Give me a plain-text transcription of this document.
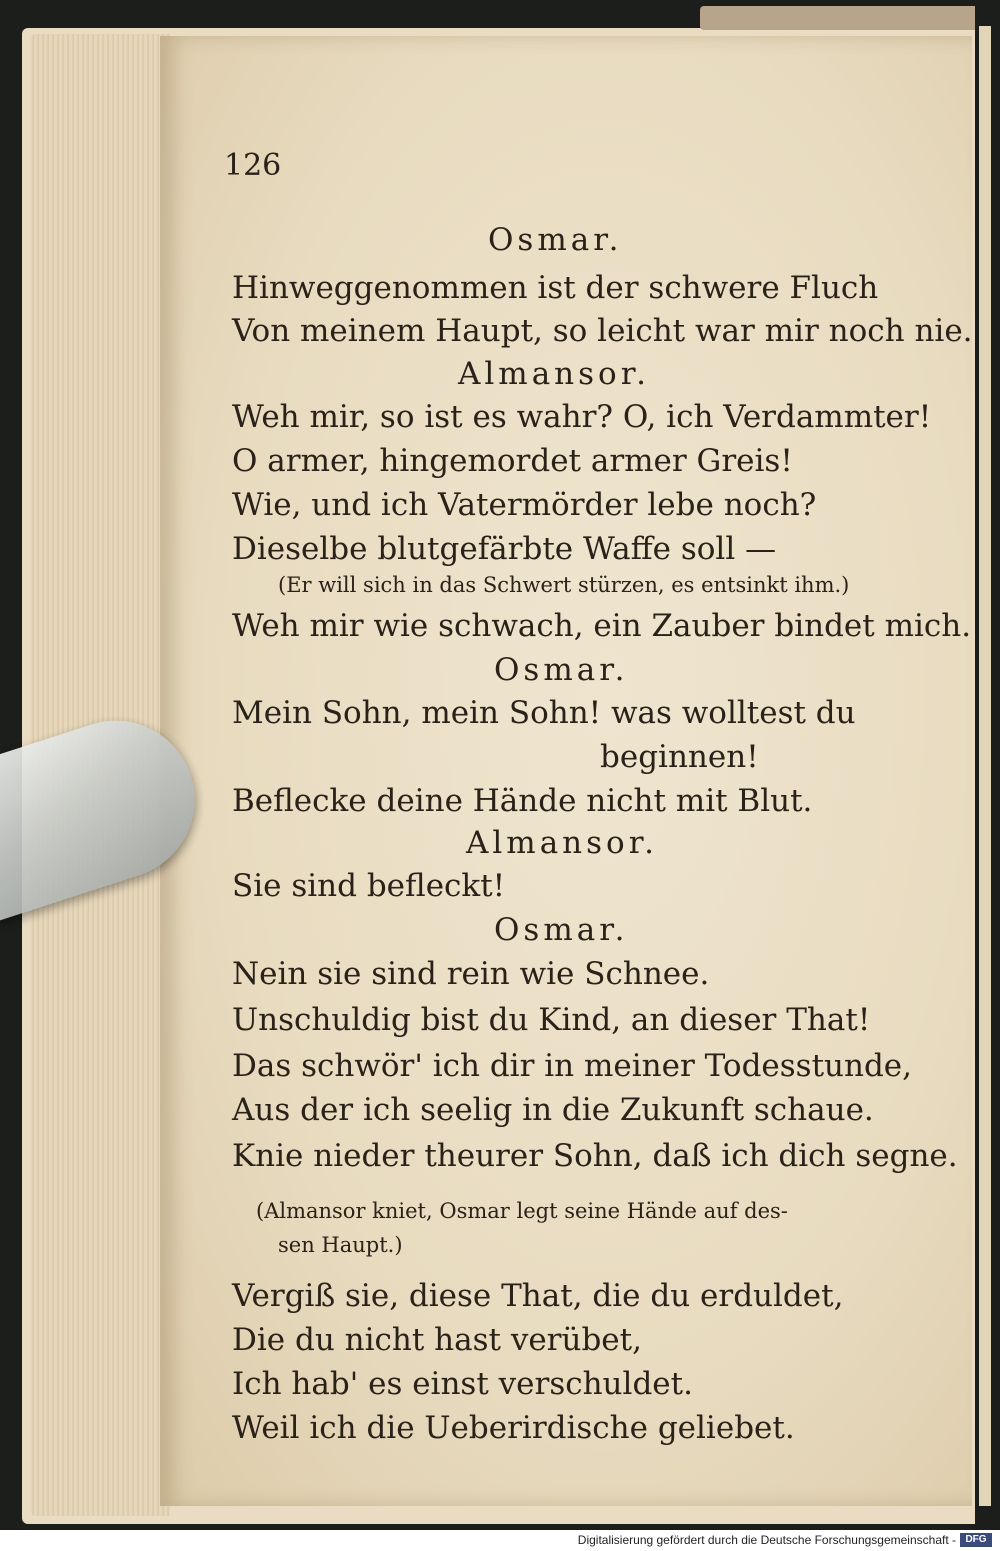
126
Osmar.
Hinweggenommen ist der schwere Fluch
Von meinem Haupt, so leicht war mir noch nie.
Almansor.
Weh mir, so ist es wahr? O, ich Verdammter!
O armer, hingemordet armer Greis!
Wie, und ich Vatermörder lebe noch?
Dieselbe blutgefärbte Waffe soll —
(Er will sich in das Schwert stürzen, es entsinkt ihm.)
Weh mir wie schwach, ein Zauber bindet mich.
Osmar.
Mein Sohn, mein Sohn! was wolltest du
beginnen!
Beflecke deine Hände nicht mit Blut.
Almansor.
Sie sind befleckt!
Osmar.
Nein sie sind rein wie Schnee.
Unschuldig bist du Kind, an dieser That!
Das schwör' ich dir in meiner Todesstunde,
Aus der ich seelig in die Zukunft schaue.
Knie nieder theurer Sohn, daß ich dich segne.
(Almansor kniet, Osmar legt seine Hände auf des-
sen Haupt.)
Vergiß sie, diese That, die du erduldet,
Die du nicht hast verübet,
Ich hab' es einst verschuldet.
Weil ich die Ueberirdische geliebet.
Digitalisierung gefördert durch die Deutsche Forschungsgemeinschaft - DFG
